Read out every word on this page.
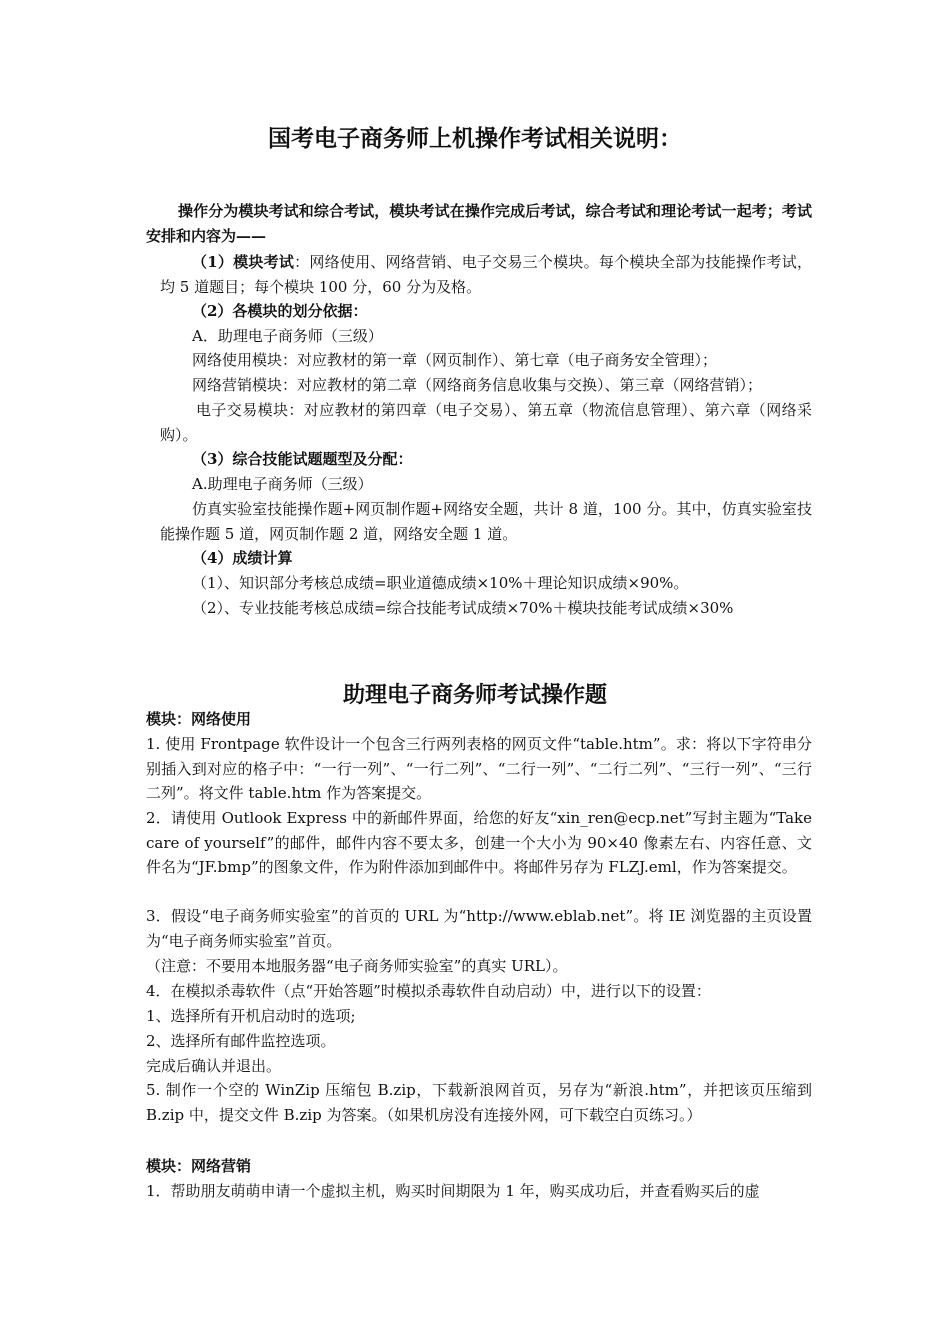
国考电子商务师上机操作考试相关说明：

操作分为模块考试和综合考试，模块考试在操作完成后考试，综合考试和理论考试一起考；考试安排和内容为——

（1）模块考试：网络使用、网络营销、电子交易三个模块。每个模块全部为技能操作考试，均 5 道题目；每个模块 100 分，60 分为及格。

（2）各模块的划分依据：

A．助理电子商务师（三级）

网络使用模块：对应教材的第一章（网页制作）、第七章（电子商务安全管理）；

网络营销模块：对应教材的第二章（网络商务信息收集与交换）、第三章（网络营销）；

电子交易模块：对应教材的第四章（电子交易）、第五章（物流信息管理）、第六章（网络采购）。

（3）综合技能试题题型及分配：

A.助理电子商务师（三级）

仿真实验室技能操作题+网页制作题+网络安全题，共计 8 道，100 分。其中，仿真实验室技能操作题 5 道，网页制作题 2 道，网络安全题 1 道。

（4）成绩计算

（1）、知识部分考核总成绩=职业道德成绩×10%＋理论知识成绩×90%。

（2）、专业技能考核总成绩=综合技能考试成绩×70%＋模块技能考试成绩×30%

助理电子商务师考试操作题

模块：网络使用

1. 使用 Frontpage 软件设计一个包含三行两列表格的网页文件“table.htm”。求：将以下字符串分别插入到对应的格子中：“一行一列”、“一行二列”、“二行一列”、“二行二列”、“三行一列”、“三行二列”。将文件 table.htm 作为答案提交。

2．请使用 Outlook Express 中的新邮件界面，给您的好友“xin_ren@ecp.net”写封主题为“Take care of yourself”的邮件，邮件内容不要太多，创建一个大小为 90×40 像素左右、内容任意、文件名为“JF.bmp”的图象文件，作为附件添加到邮件中。将邮件另存为 FLZJ.eml，作为答案提交。

3．假设“电子商务师实验室”的首页的 URL 为“http://www.eblab.net”。将 IE 浏览器的主页设置为“电子商务师实验室”首页。

（注意：不要用本地服务器“电子商务师实验室”的真实 URL）。

4．在模拟杀毒软件（点“开始答题”时模拟杀毒软件自动启动）中，进行以下的设置：

1、选择所有开机启动时的选项;

2、选择所有邮件监控选项。

完成后确认并退出。

5. 制作一个空的 WinZip 压缩包 B.zip，下载新浪网首页，另存为“新浪.htm”，并把该页压缩到 B.zip 中，提交文件 B.zip 为答案。（如果机房没有连接外网，可下载空白页练习。）

模块：网络营销

1．帮助朋友萌萌申请一个虚拟主机，购买时间期限为 1 年，购买成功后，并查看购买后的虚
